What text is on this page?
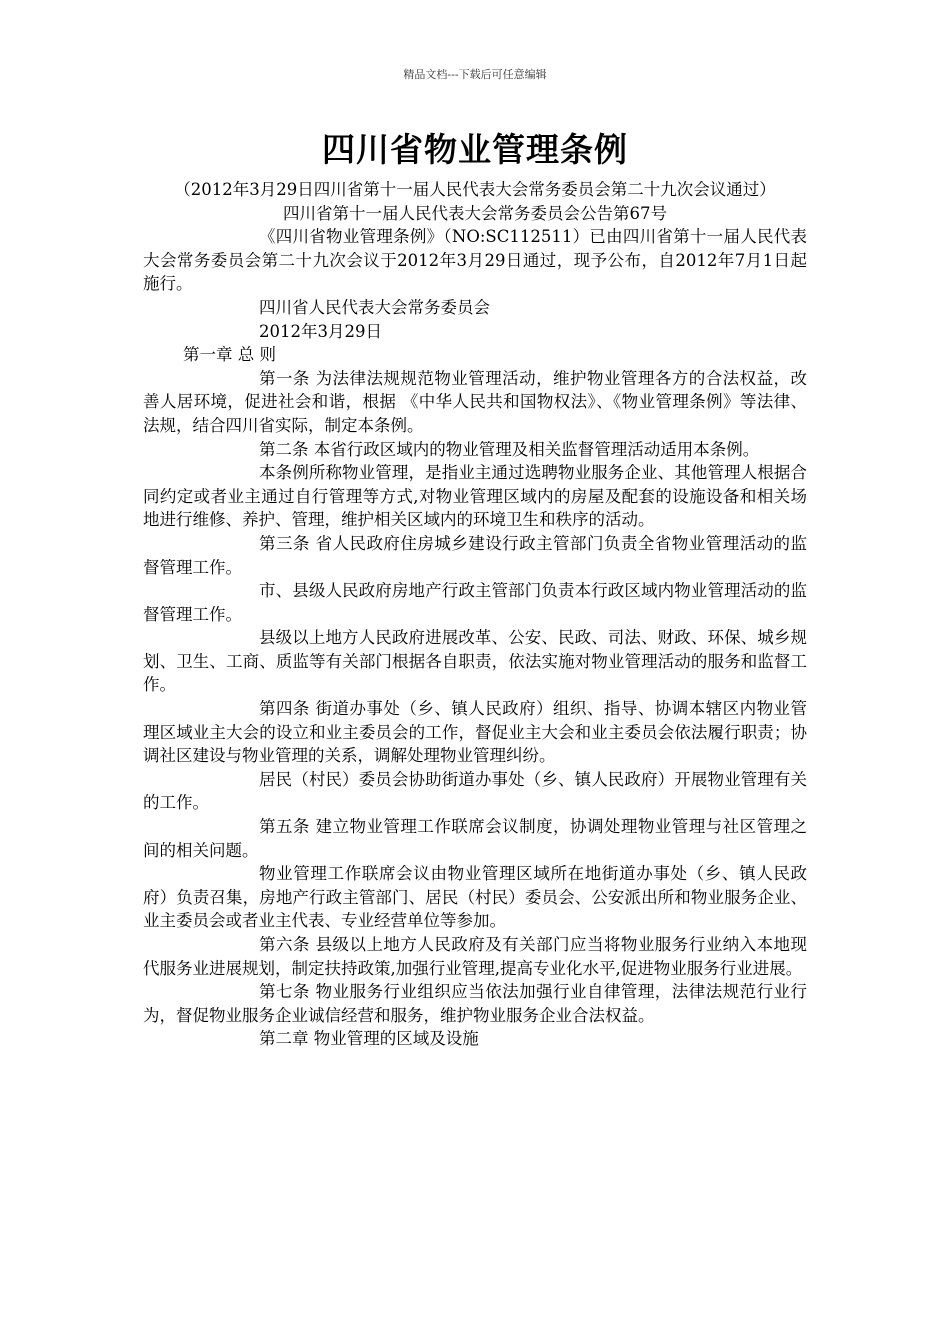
精品文档---下载后可任意编辑
四川省物业管理条例

（2012年3月29日四川省第十一届人民代表大会常务委员会第二十九次会议通过）

四川省第十一届人民代表大会常务委员会公告第67号

《四川省物业管理条例》（NO:SC112511）已由四川省第十一届人民代表大会常务委员会第二十九次会议于2012年3月29日通过，现予公布，自2012年7月1日起施行。

四川省人民代表大会常务委员会

2012年3月29日

第一章 总 则

第一条 为法律法规规范物业管理活动，维护物业管理各方的合法权益，改善人居环境，促进社会和谐，根据 《中华人民共和国物权法》、《物业管理条例》等法律、法规，结合四川省实际，制定本条例。

第二条 本省行政区域内的物业管理及相关监督管理活动适用本条例。

本条例所称物业管理，是指业主通过选聘物业服务企业、其他管理人根据合同约定或者业主通过自行管理等方式,对物业管理区域内的房屋及配套的设施设备和相关场地进行维修、养护、管理，维护相关区域内的环境卫生和秩序的活动。

第三条 省人民政府住房城乡建设行政主管部门负责全省物业管理活动的监督管理工作。

市、县级人民政府房地产行政主管部门负责本行政区域内物业管理活动的监督管理工作。

县级以上地方人民政府进展改革、公安、民政、司法、财政、环保、城乡规划、卫生、工商、质监等有关部门根据各自职责，依法实施对物业管理活动的服务和监督工作。

第四条 街道办事处（乡、镇人民政府）组织、指导、协调本辖区内物业管理区域业主大会的设立和业主委员会的工作，督促业主大会和业主委员会依法履行职责；协调社区建设与物业管理的关系，调解处理物业管理纠纷。

居民（村民）委员会协助街道办事处（乡、镇人民政府）开展物业管理有关的工作。

第五条 建立物业管理工作联席会议制度，协调处理物业管理与社区管理之间的相关问题。

物业管理工作联席会议由物业管理区域所在地街道办事处（乡、镇人民政府）负责召集，房地产行政主管部门、居民（村民）委员会、公安派出所和物业服务企业、业主委员会或者业主代表、专业经营单位等参加。

第六条 县级以上地方人民政府及有关部门应当将物业服务行业纳入本地现代服务业进展规划，制定扶持政策,加强行业管理,提高专业化水平,促进物业服务行业进展。

第七条 物业服务行业组织应当依法加强行业自律管理，法律法规范行业行为，督促物业服务企业诚信经营和服务，维护物业服务企业合法权益。

第二章 物业管理的区域及设施
